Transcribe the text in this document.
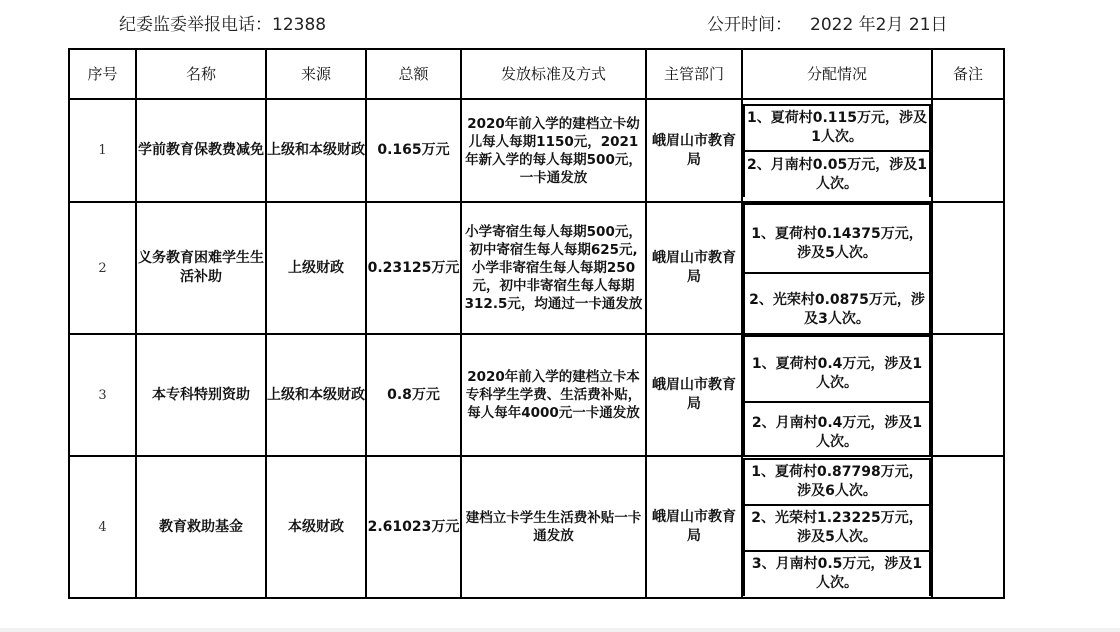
纪委监委举报电话：12388	公开时间： 2022 年2月 21日
序号	名称	来源	总额	发放标准及方式	主管部门	分配情况	备注
1	学前教育保教费减免	上级和本级财政	0.165万元	2020年前入学的建档立卡幼儿每人每期1150元，2021年新入学的每人每期500元，一卡通发放	峨眉山市教育局	
1、夏荷村0.115万元，涉及1人次。
2、月南村0.05万元，涉及1人次。

2	义务教育困难学生生活补助	上级财政	0.23125万元	小学寄宿生每人每期500元，初中寄宿生每人每期625元,小学非寄宿生每人每期250元，初中非寄宿生每人每期312.5元，均通过一卡通发放	峨眉山市教育局	
1、夏荷村0.14375万元，涉及5人次。
2、光荣村0.0875万元，涉及3人次。

3	本专科特别资助	上级和本级财政	0.8万元	2020年前入学的建档立卡本专科学生学费、生活费补贴，每人每年4000元一卡通发放	峨眉山市教育局	
1、夏荷村0.4万元，涉及1人次。
2、月南村0.4万元，涉及1人次。

4	教育救助基金	本级财政	2.61023万元	建档立卡学生生活费补贴一卡通发放	峨眉山市教育局	
1、夏荷村0.87798万元，涉及6人次。
2、光荣村1.23225万元，涉及5人次。
3、月南村0.5万元，涉及1人次。
